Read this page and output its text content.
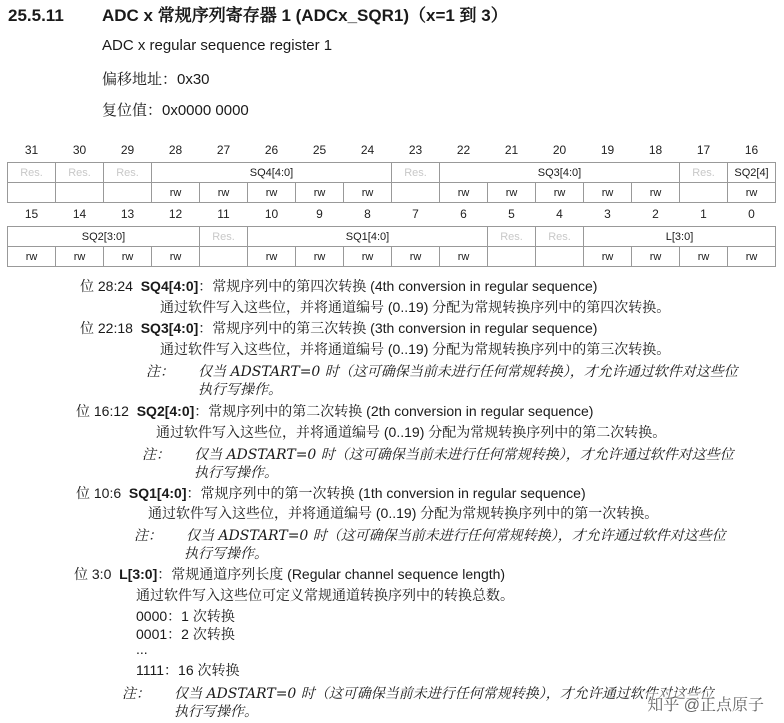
25.5.11 ADC x 常规序列寄存器 1 (ADCx_SQR1)（x=1 到 3）
ADC x regular sequence register 1
偏移地址：0x30
复位值：0x0000 0000
31	30	29	28	27	26	25	24	23	22	21	20	19	18	17	16
Res.	Res.	Res.	SQ4[4:0]					Res.	SQ3[4:0]					Res.	SQ2[4]
			rw	rw	rw	rw	rw		rw	rw	rw	rw	rw		rw
15	14	13	12	11	10	9	8	7	6	5	4	3	2	1	0
SQ2[3:0]				Res.	SQ1[4:0]					Res.	Res.	L[3:0]			
rw	rw	rw	rw		rw	rw	rw	rw	rw			rw	rw	rw	rw
位 28:24 SQ4[4:0]：常规序列中的第四次转换 (4th conversion in regular sequence)
通过软件写入这些位，并将通道编号 (0..19) 分配为常规转换序列中的第四次转换。
位 22:18 SQ3[4:0]：常规序列中的第三次转换 (3th conversion in regular sequence)
通过软件写入这些位，并将通道编号 (0..19) 分配为常规转换序列中的第三次转换。
注： 仅当 ADSTART=0 时（这可确保当前未进行任何常规转换），才允许通过软件对这些位
执行写操作。
位 16:12 SQ2[4:0]：常规序列中的第二次转换 (2th conversion in regular sequence)
通过软件写入这些位，并将通道编号 (0..19) 分配为常规转换序列中的第二次转换。
注： 仅当 ADSTART=0 时（这可确保当前未进行任何常规转换），才允许通过软件对这些位
执行写操作。
位 10:6 SQ1[4:0]：常规序列中的第一次转换 (1th conversion in regular sequence)
通过软件写入这些位，并将通道编号 (0..19) 分配为常规转换序列中的第一次转换。
注： 仅当 ADSTART=0 时（这可确保当前未进行任何常规转换），才允许通过软件对这些位
执行写操作。
位 3:0 L[3:0]：常规通道序列长度 (Regular channel sequence length)
通过软件写入这些位可定义常规通道转换序列中的转换总数。
0000：1 次转换
0001：2 次转换
...
1111：16 次转换
注： 仅当 ADSTART=0 时（这可确保当前未进行任何常规转换），才允许通过软件对这些位
执行写操作。	知乎 @正点原子
